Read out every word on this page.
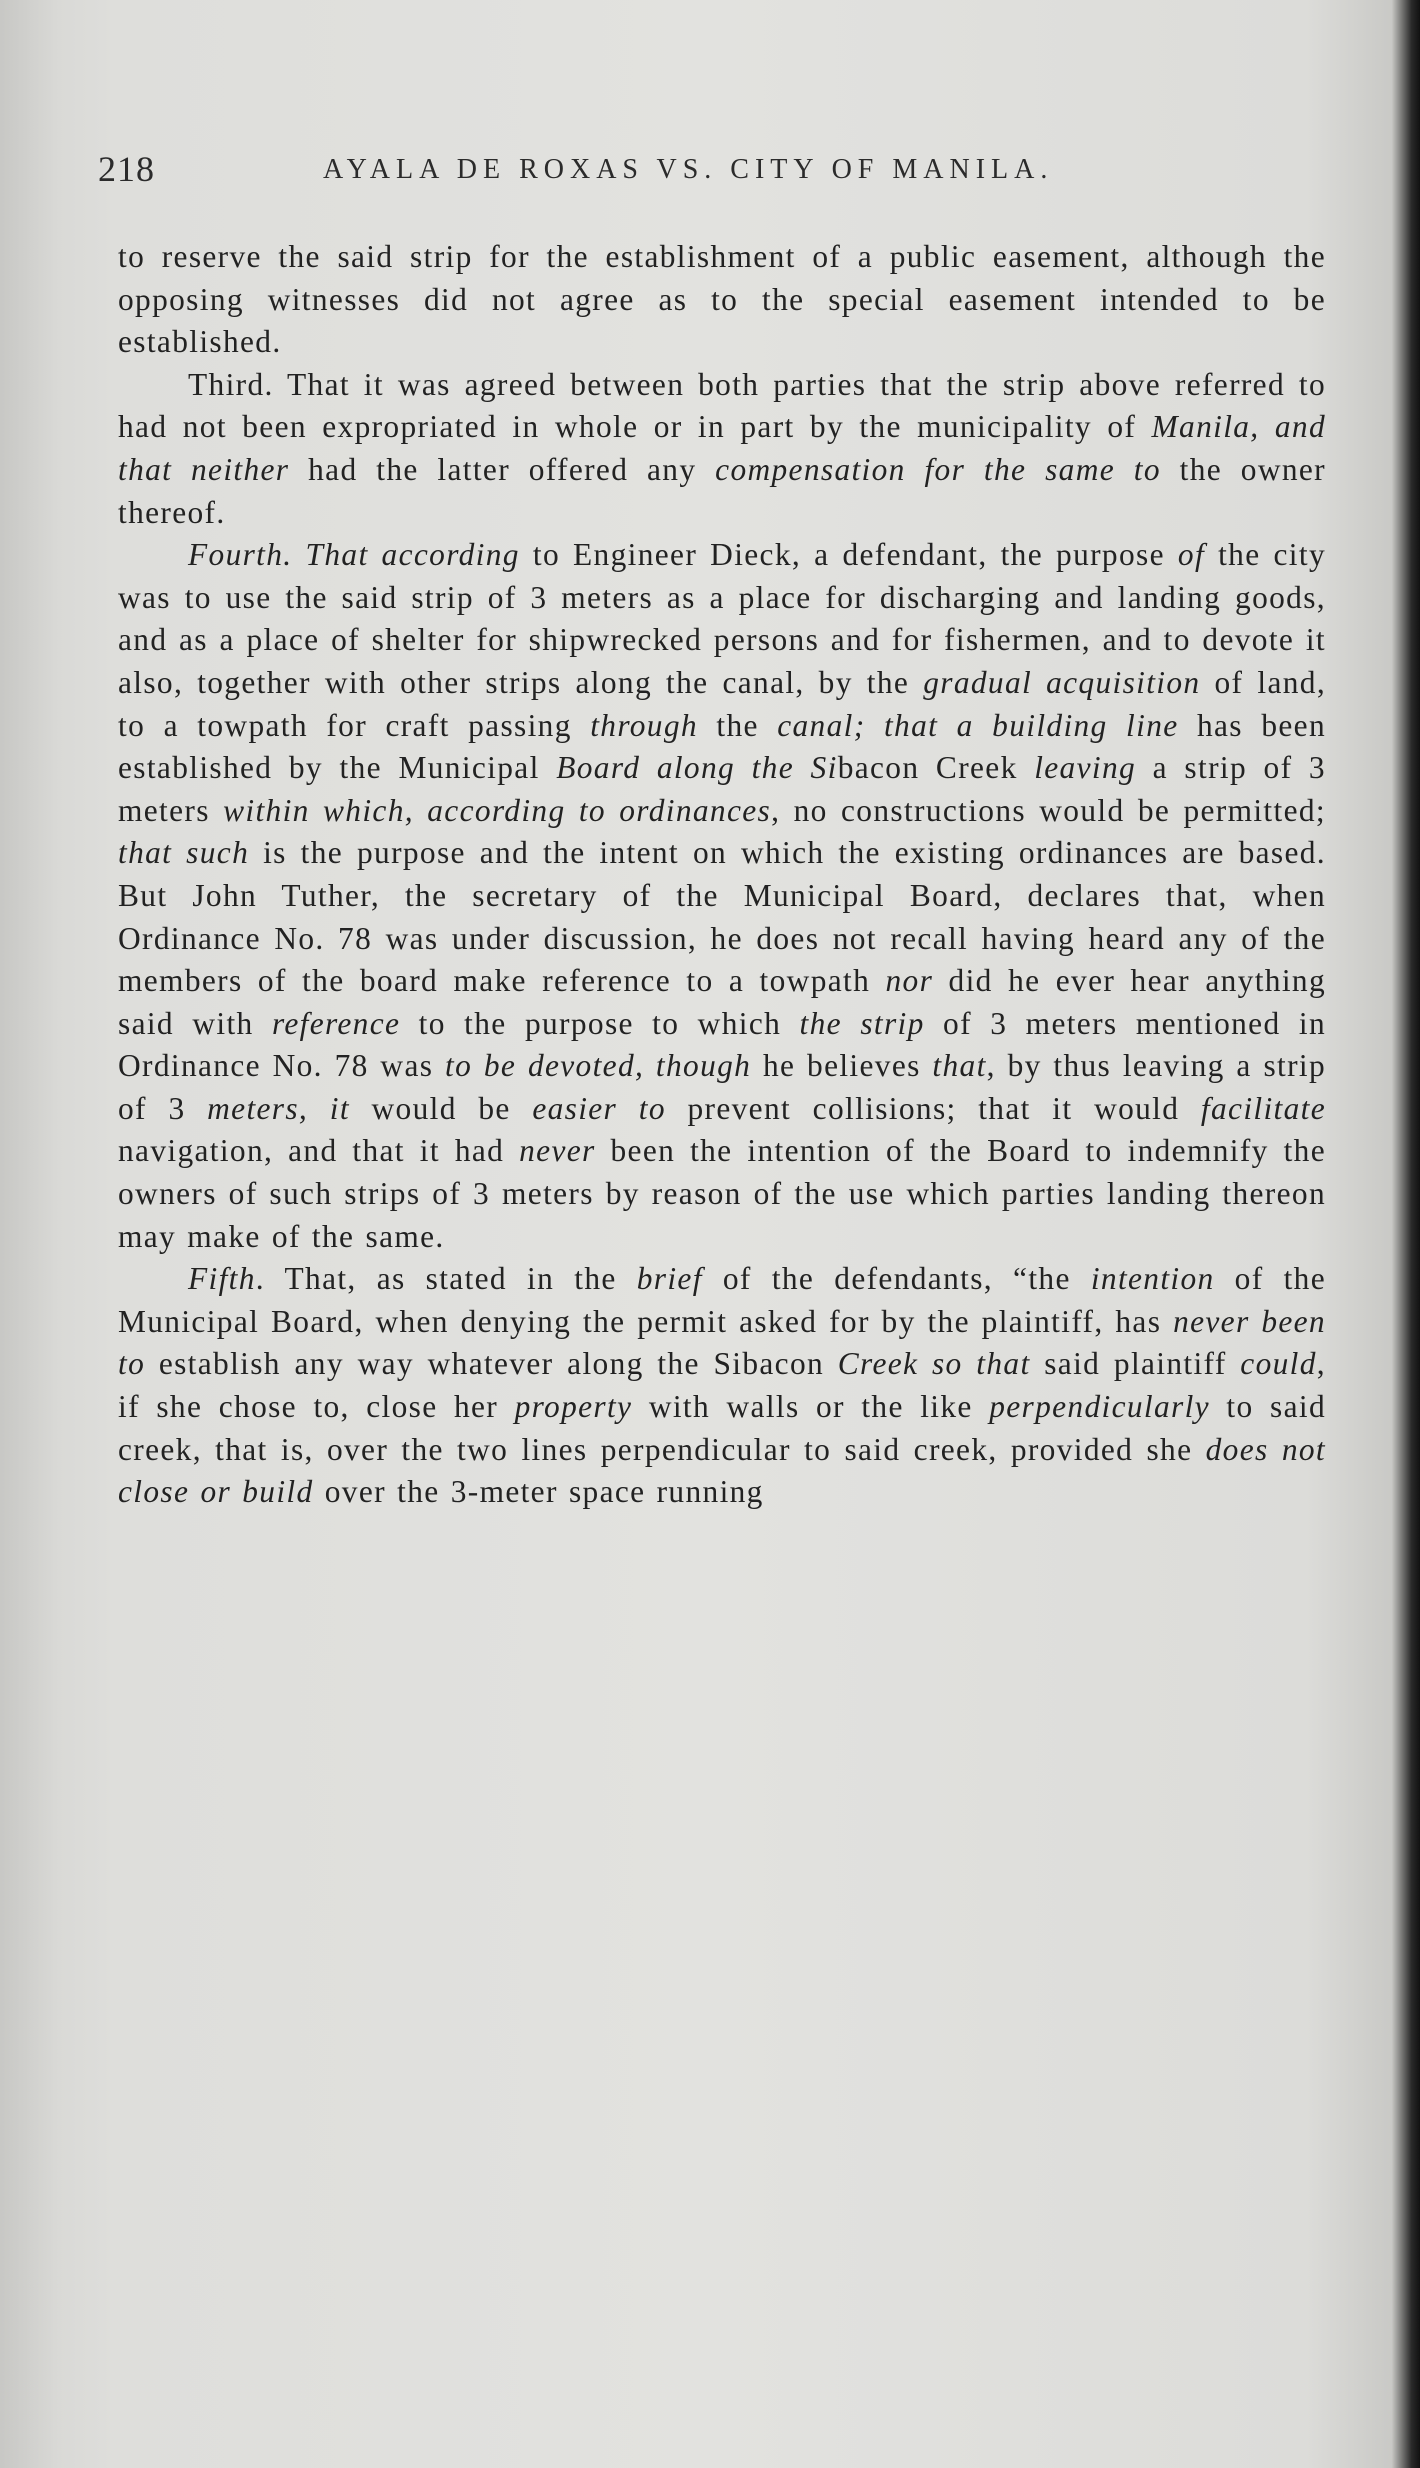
218	AYALA DE ROXAS VS. CITY OF MANILA.

to reserve the said strip for the establishment of a public easement, although the opposing witnesses did not agree as to the special easement intended to be established.

Third. That it was agreed between both parties that the strip above referred to had not been expropriated in whole or in part by the municipality of Manila, and that neither had the latter offered any compensation for the same to the owner thereof.

Fourth. That according to Engineer Dieck, a defendant, the purpose of the city was to use the said strip of 3 meters as a place for discharging and landing goods, and as a place of shelter for shipwrecked persons and for fishermen, and to devote it also, together with other strips along the canal, by the gradual acquisition of land, to a towpath for craft passing through the canal; that a building line has been established by the Municipal Board along the Sibacon Creek leaving a strip of 3 meters within which, according to ordinances, no constructions would be permitted; that such is the purpose and the intent on which the existing ordinances are based. But John Tuther, the secretary of the Municipal Board, declares that, when Ordinance No. 78 was under discussion, he does not recall having heard any of the members of the board make reference to a towpath nor did he ever hear anything said with reference to the purpose to which the strip of 3 meters mentioned in Ordinance No. 78 was to be devoted, though he believes that, by thus leaving a strip of 3 meters, it would be easier to prevent collisions; that it would facilitate navigation, and that it had never been the intention of the Board to indemnify the owners of such strips of 3 meters by reason of the use which parties landing thereon may make of the same.

Fifth. That, as stated in the brief of the defendants, “the intention of the Municipal Board, when denying the permit asked for by the plaintiff, has never been to establish any way whatever along the Sibacon Creek so that said plaintiff could, if she chose to, close her property with walls or the like perpendicularly to said creek, that is, over the two lines perpendicular to said creek, provided she does not close or build over the 3-meter space running
